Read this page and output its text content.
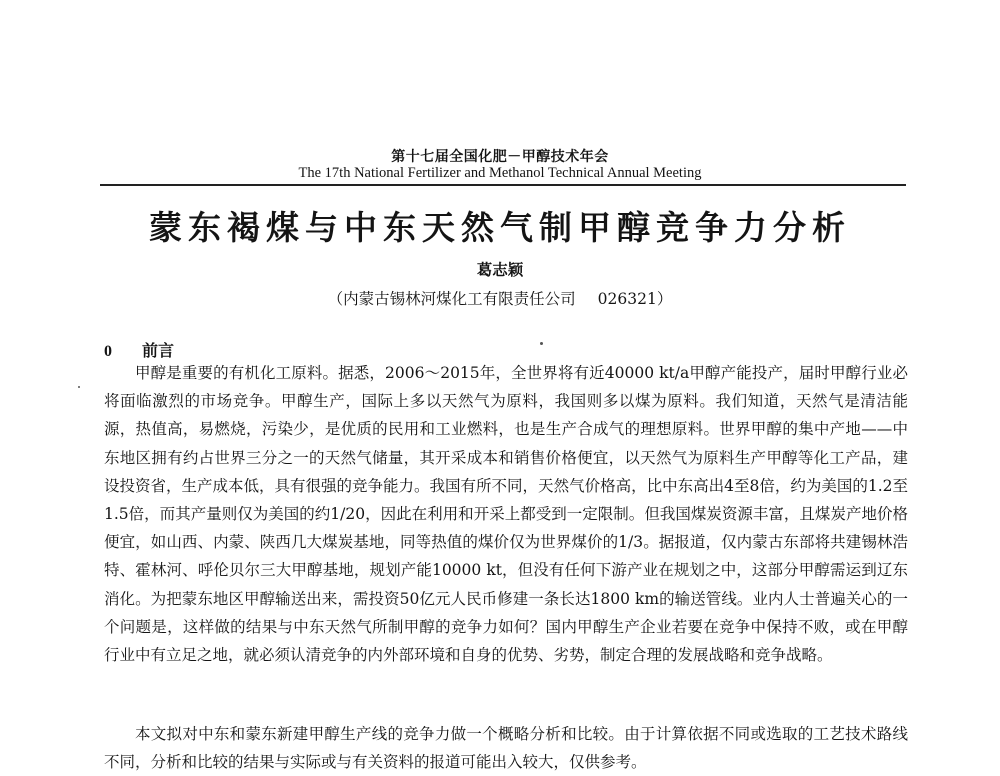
第十七届全国化肥－甲醇技术年会
The 17th National Fertilizer and Methanol Technical Annual Meeting
蒙东褐煤与中东天然气制甲醇竞争力分析
葛志颖
（内蒙古锡林河煤化工有限责任公司 026321）
0 前言

甲醇是重要的有机化工原料。据悉，2006～2015年，全世界将有近40000 kt/a甲醇产能投产，届时甲醇行业必将面临激烈的市场竞争。甲醇生产，国际上多以天然气为原料，我国则多以煤为原料。我们知道，天然气是清洁能源，热值高，易燃烧，污染少，是优质的民用和工业燃料，也是生产合成气的理想原料。世界甲醇的集中产地——中东地区拥有约占世界三分之一的天然气储量，其开采成本和销售价格便宜，以天然气为原料生产甲醇等化工产品，建设投资省，生产成本低，具有很强的竞争能力。我国有所不同，天然气价格高，比中东高出4至8倍，约为美国的1.2至1.5倍，而其产量则仅为美国的约1/20，因此在利用和开采上都受到一定限制。但我国煤炭资源丰富，且煤炭产地价格便宜，如山西、内蒙、陕西几大煤炭基地，同等热值的煤价仅为世界煤价的1/3。据报道，仅内蒙古东部将共建锡林浩特、霍林河、呼伦贝尔三大甲醇基地，规划产能10000 kt，但没有任何下游产业在规划之中，这部分甲醇需运到辽东消化。为把蒙东地区甲醇输送出来，需投资50亿元人民币修建一条长达1800 km的输送管线。业内人士普遍关心的一个问题是，这样做的结果与中东天然气所制甲醇的竞争力如何？国内甲醇生产企业若要在竞争中保持不败，或在甲醇行业中有立足之地，就必须认清竞争的内外部环境和自身的优势、劣势，制定合理的发展战略和竞争战略。

本文拟对中东和蒙东新建甲醇生产线的竞争力做一个概略分析和比较。由于计算依据不同或选取的工艺技术路线不同，分析和比较的结果与实际或与有关资料的报道可能出入较大，仅供参考。
